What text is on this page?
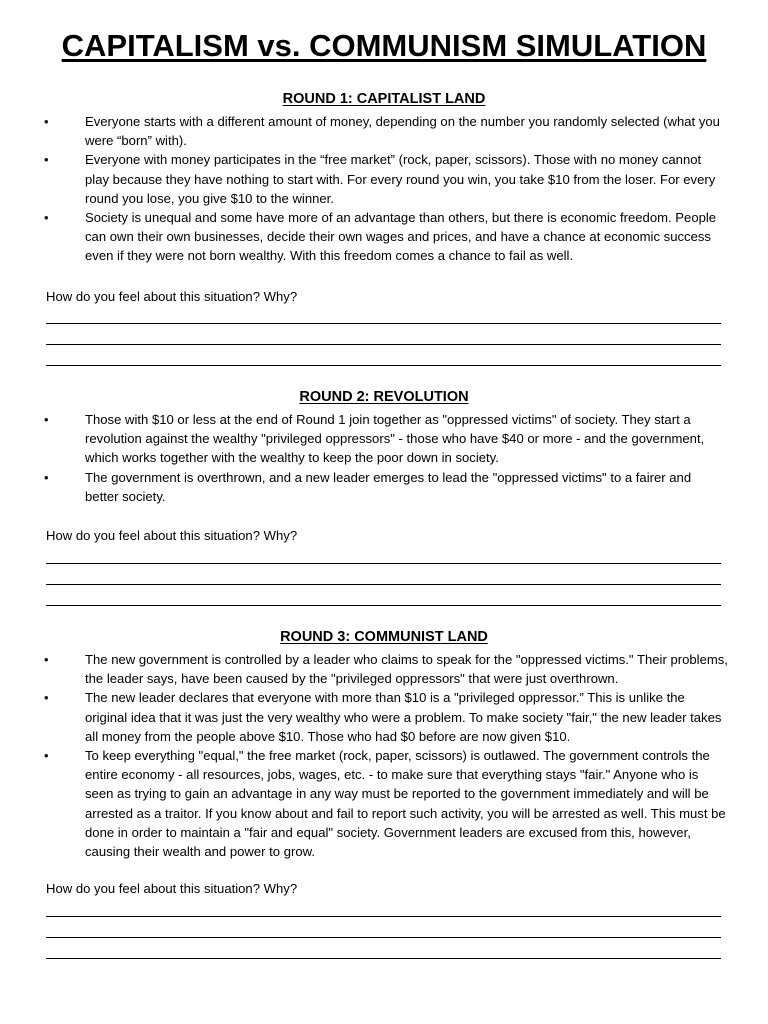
CAPITALISM vs. COMMUNISM SIMULATION
ROUND 1: CAPITALIST LAND
•	Everyone starts with a different amount of money, depending on the number you randomly selected (what you were “born” with).
•	Everyone with money participates in the “free market” (rock, paper, scissors). Those with no money cannot play because they have nothing to start with. For every round you win, you take $10 from the loser. For every round you lose, you give $10 to the winner.
•	Society is unequal and some have more of an advantage than others, but there is economic freedom. People can own their own businesses, decide their own wages and prices, and have a chance at economic success even if they were not born wealthy. With this freedom comes a chance to fail as well.
How do you feel about this situation? Why?
ROUND 2: REVOLUTION
•	Those with $10 or less at the end of Round 1 join together as "oppressed victims" of society. They start a revolution against the wealthy "privileged oppressors" - those who have $40 or more - and the government, which works together with the wealthy to keep the poor down in society.
•	The government is overthrown, and a new leader emerges to lead the "oppressed victims" to a fairer and better society.
How do you feel about this situation? Why?
ROUND 3: COMMUNIST LAND
•	The new government is controlled by a leader who claims to speak for the "oppressed victims." Their problems, the leader says, have been caused by the "privileged oppressors" that were just overthrown.
•	The new leader declares that everyone with more than $10 is a "privileged oppressor.” This is unlike the original idea that it was just the very wealthy who were a problem. To make society "fair," the new leader takes all money from the people above $10. Those who had $0 before are now given $10.
•	To keep everything "equal," the free market (rock, paper, scissors) is outlawed. The government controls the entire economy - all resources, jobs, wages, etc. - to make sure that everything stays "fair." Anyone who is seen as trying to gain an advantage in any way must be reported to the government immediately and will be arrested as a traitor. If you know about and fail to report such activity, you will be arrested as well. This must be done in order to maintain a "fair and equal" society. Government leaders are excused from this, however, causing their wealth and power to grow.
How do you feel about this situation? Why?
